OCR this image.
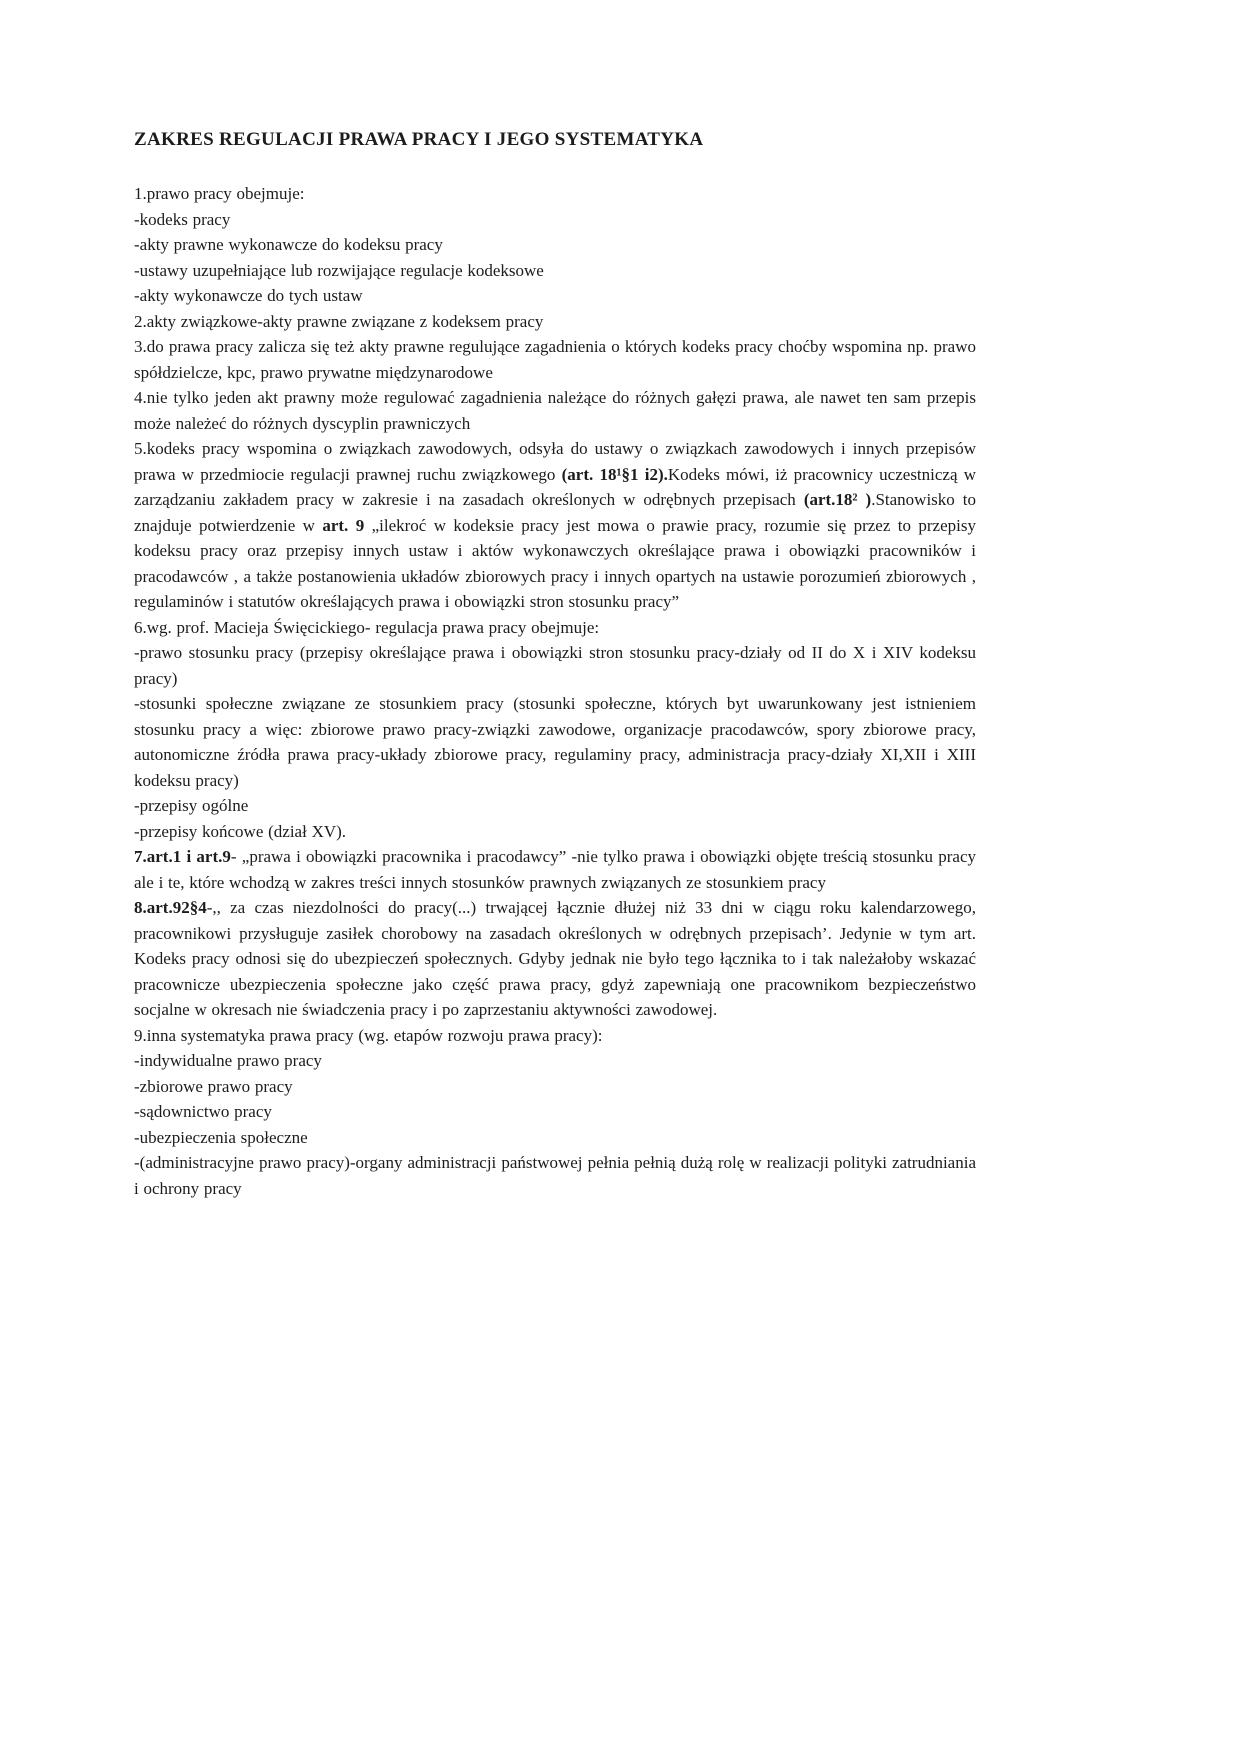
ZAKRES REGULACJI PRAWA PRACY I JEGO SYSTEMATYKA

1.prawo pracy obejmuje:

-kodeks pracy

-akty prawne wykonawcze do kodeksu pracy

-ustawy uzupełniające lub rozwijające regulacje kodeksowe

-akty wykonawcze do tych ustaw

2.akty związkowe-akty prawne związane z kodeksem pracy

3.do prawa pracy zalicza się też akty prawne regulujące zagadnienia o których kodeks pracy choćby wspomina np. prawo spółdzielcze, kpc, prawo prywatne międzynarodowe

4.nie tylko jeden akt prawny może regulować zagadnienia należące do różnych gałęzi prawa, ale nawet ten sam przepis może należeć do różnych dyscyplin prawniczych

5.kodeks pracy wspomina o związkach zawodowych, odsyła do ustawy o związkach zawodowych i innych przepisów prawa w przedmiocie regulacji prawnej ruchu związkowego (art. 18¹§1 i2).Kodeks mówi, iż pracownicy uczestniczą w zarządzaniu zakładem pracy w zakresie i na zasadach określonych w odrębnych przepisach (art.18² ).Stanowisko to znajduje potwierdzenie w art. 9 „ilekroć w kodeksie pracy jest mowa o prawie pracy, rozumie się przez to przepisy kodeksu pracy oraz przepisy innych ustaw i aktów wykonawczych określające prawa i obowiązki pracowników i pracodawców , a także postanowienia układów zbiorowych pracy i innych opartych na ustawie porozumień zbiorowych , regulaminów i statutów określających prawa i obowiązki stron stosunku pracy”

6.wg. prof. Macieja Święcickiego- regulacja prawa pracy obejmuje:

-prawo stosunku pracy (przepisy określające prawa i obowiązki stron stosunku pracy-działy od II do X i XIV kodeksu pracy)

-stosunki społeczne związane ze stosunkiem pracy (stosunki społeczne, których byt uwarunkowany jest istnieniem stosunku pracy a więc: zbiorowe prawo pracy-związki zawodowe, organizacje pracodawców, spory zbiorowe pracy, autonomiczne źródła prawa pracy-układy zbiorowe pracy, regulaminy pracy, administracja pracy-działy XI,XII i XIII kodeksu pracy)

-przepisy ogólne

-przepisy końcowe (dział XV).

7.art.1 i art.9- „prawa i obowiązki pracownika i pracodawcy” -nie tylko prawa i obowiązki objęte treścią stosunku pracy ale i te, które wchodzą w zakres treści innych stosunków prawnych związanych ze stosunkiem pracy

8.art.92§4-,, za czas niezdolności do pracy(...) trwającej łącznie dłużej niż 33 dni w ciągu roku kalendarzowego, pracownikowi przysługuje zasiłek chorobowy na zasadach określonych w odrębnych przepisach’. Jedynie w tym art. Kodeks pracy odnosi się do ubezpieczeń społecznych. Gdyby jednak nie było tego łącznika to i tak należałoby wskazać pracownicze ubezpieczenia społeczne jako część prawa pracy, gdyż zapewniają one pracownikom bezpieczeństwo socjalne w okresach nie świadczenia pracy i po zaprzestaniu aktywności zawodowej.

9.inna systematyka prawa pracy (wg. etapów rozwoju prawa pracy):

-indywidualne prawo pracy

-zbiorowe prawo pracy

-sądownictwo pracy

-ubezpieczenia społeczne

-(administracyjne prawo pracy)-organy administracji państwowej pełnia pełnią dużą rolę w realizacji polityki zatrudniania i ochrony pracy
